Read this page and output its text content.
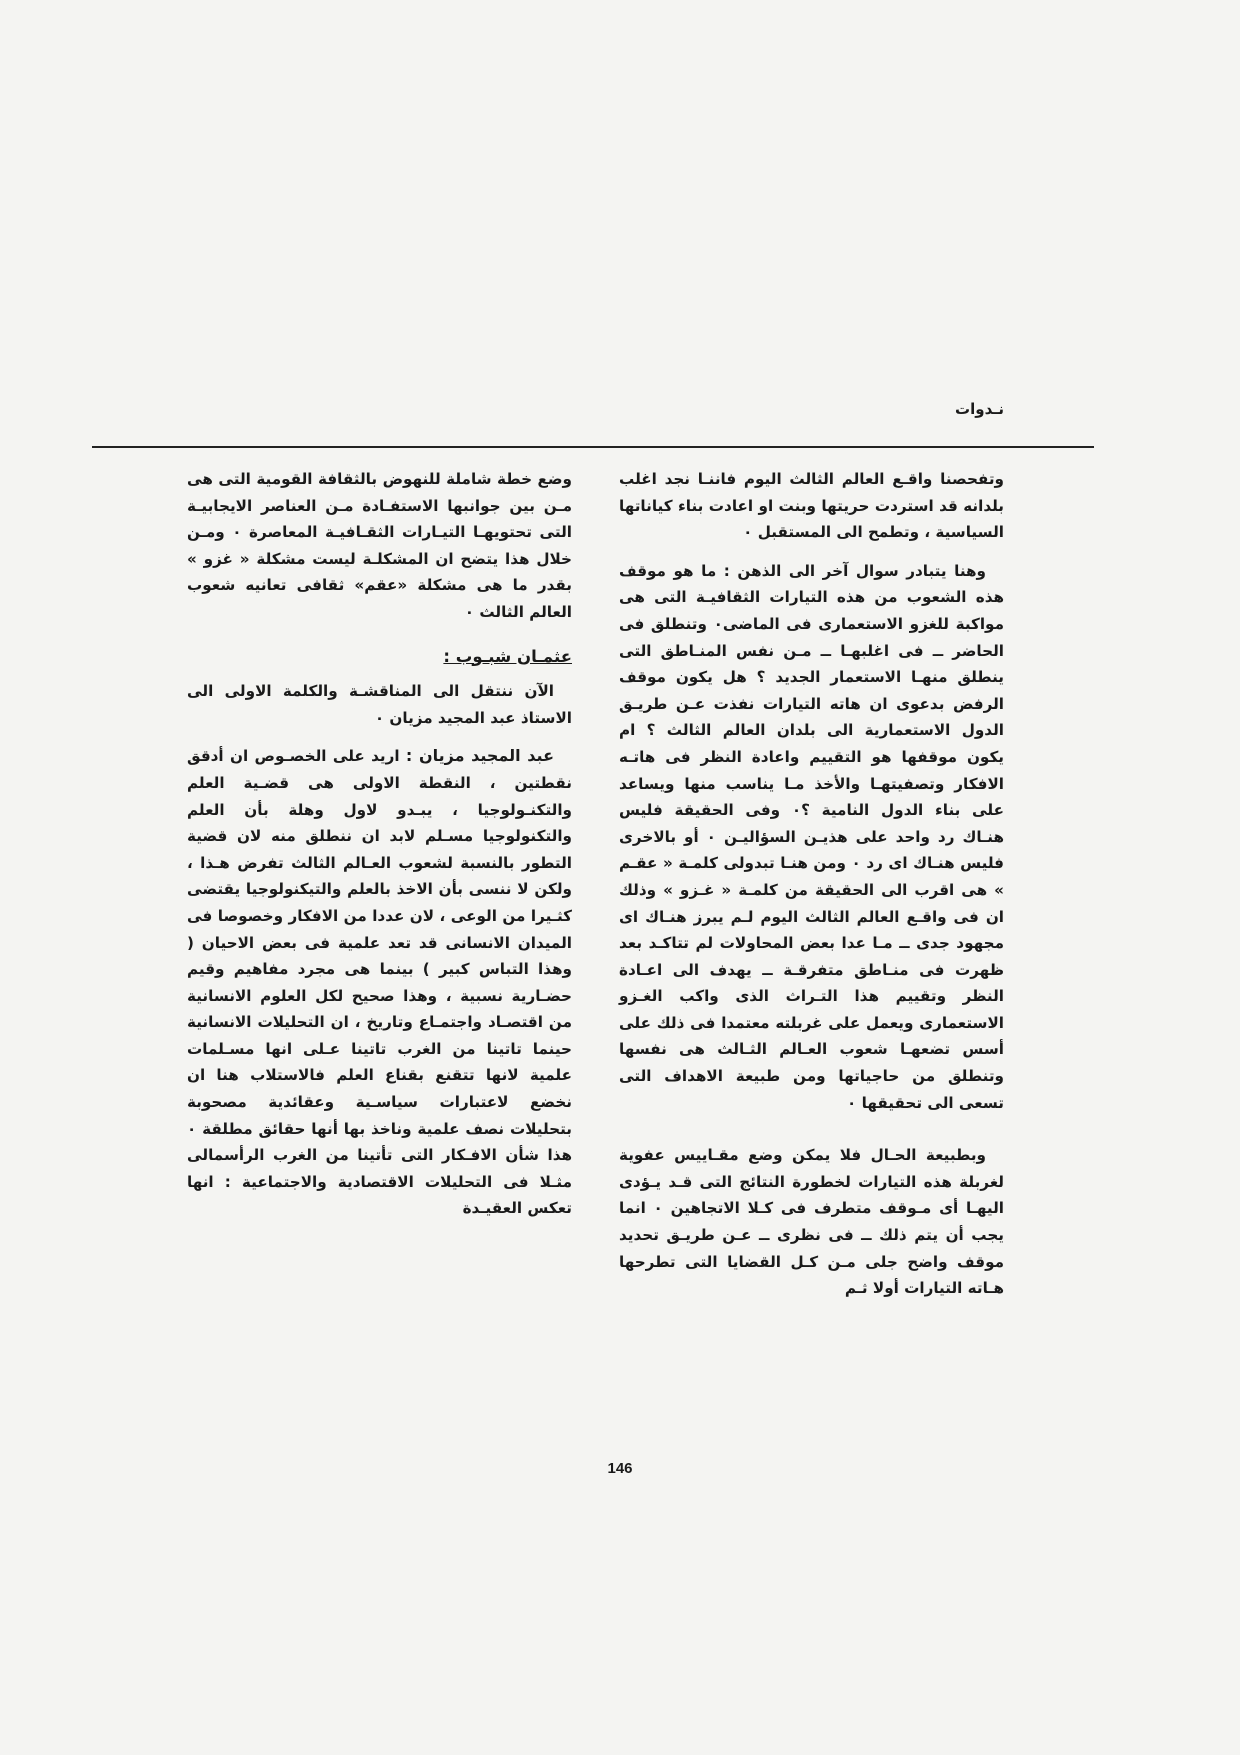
نـدوات

وتفحصنا واقـع العالم الثالث اليوم فاننـا نجد اغلب بلدانه قد استردت حريتها وبنت او اعادت بناء كياناتها السياسية ، وتطمح الى المستقبل ٠

وهنا يتبادر سوال آخر الى الذهن : ما هو موقف هذه الشعوب من هذه التيارات الثقافيـة التى هى مواكبة للغزو الاستعمارى فى الماضى٠ وتنطلق فى الحاضر ــ فى اغلبهـا ــ مـن نفس المنـاطق التى ينطلق منهـا الاستعمار الجديد ؟ هل يكون موقف الرفض بدعوى ان هاته التيارات نفذت عـن طريـق الدول الاستعمارية الى بلدان العالم الثالث ؟ ام يكون موقفها هو التقييم واعادة النظر فى هاتـه الافكار وتصفيتهـا والأخذ مـا يناسب منها ويساعد على بناء الدول النامية ؟٠ وفى الحقيقة فليس هنـاك رد واحد على هذيـن السؤاليـن ٠ أو بالاخرى فليس هنـاك اى رد ٠ ومن هنـا تبدولى كلمـة « عقـم » هى اقرب الى الحقيقة من كلمـة « غـزو » وذلك ان فى واقـع العالم الثالث اليوم لـم يبرز هنـاك اى مجهود جدى ــ مـا عدا بعض المحاولات لم تتاكـد بعد ظهرت فى منـاطق متفرقـة ــ يهدف الى اعـادة النظر وتقييم هذا التـراث الذى واكب الغـزو الاستعمارى ويعمل على غربلته معتمدا فى ذلك على أسس تضعهـا شعوب العـالم الثـالث هى نفسها وتنطلق من حاجياتها ومن طبيعة الاهداف التى تسعى الى تحقيقها ٠

وبطبيعة الحـال فلا يمكن وضع مقـاييس عفوية لغربلة هذه التيارات لخطورة النتائج التى قـد يـؤدى اليهـا أى مـوقف متطرف فى كـلا الاتجاهين ٠ انما يجب أن يتم ذلك ــ فى نظرى ــ عـن طريـق تحديد موقف واضح جلى مـن كـل القضايا التى تطرحها هـاته التيارات أولا ثـم

وضع خطة شاملة للنهوض بالثقافة القومية التى هى مـن بين جوانبها الاستفـادة مـن العناصر الايجابيـة التى تحتويهـا التيـارات الثقـافيـة المعاصرة ٠ ومـن خلال هذا يتضح ان المشكلـة ليست مشكلة « غزو » بقدر ما هى مشكلة «عقم» ثقافى تعانيه شعوب العالم الثالث ٠

عثمـان شبـوب :

الآن ننتقل الى المناقشـة والكلمة الاولى الى الاستاذ عبد المجيد مزيان ٠

عبد المجيد مزيان : اريد على الخصـوص ان أدقق نقطتين ، النقطة الاولى هى قضـية العلم والتكنـولوجيا ، يبـدو لاول وهلة بأن العلم والتكنولوجيا مسـلم لابد ان ننطلق منه لان قضية التطور بالنسبة لشعوب العـالم الثالث تفرض هـذا ، ولكن لا ننسى بأن الاخذ بالعلم والتيكنولوجيا يقتضى كثـيرا من الوعى ، لان عددا من الافكار وخصوصا فى الميدان الانسانى قد تعد علمية فى بعض الاحيان ( وهذا التباس كبير ) بينما هى مجرد مفاهيم وقيم حضـارية نسبية ، وهذا صحيح لكل العلوم الانسانية من اقتصـاد واجتمـاع وتاريخ ، ان التحليلات الانسانية حينما تاتينا من الغرب تاتينا عـلى انها مسـلمات علمية لانها تتقنع بقناع العلم فالاستلاب هنا ان نخضع لاعتبارات سياسـية وعقائدية مصحوبة بتحليلات نصف علمية وناخذ بها أنها حقائق مطلقة ٠ هذا شأن الافـكار التى تأتينا من الغرب الرأسمالى مثـلا فى التحليلات الاقتصادية والاجتماعية : انها تعكس العقيـدة

146
